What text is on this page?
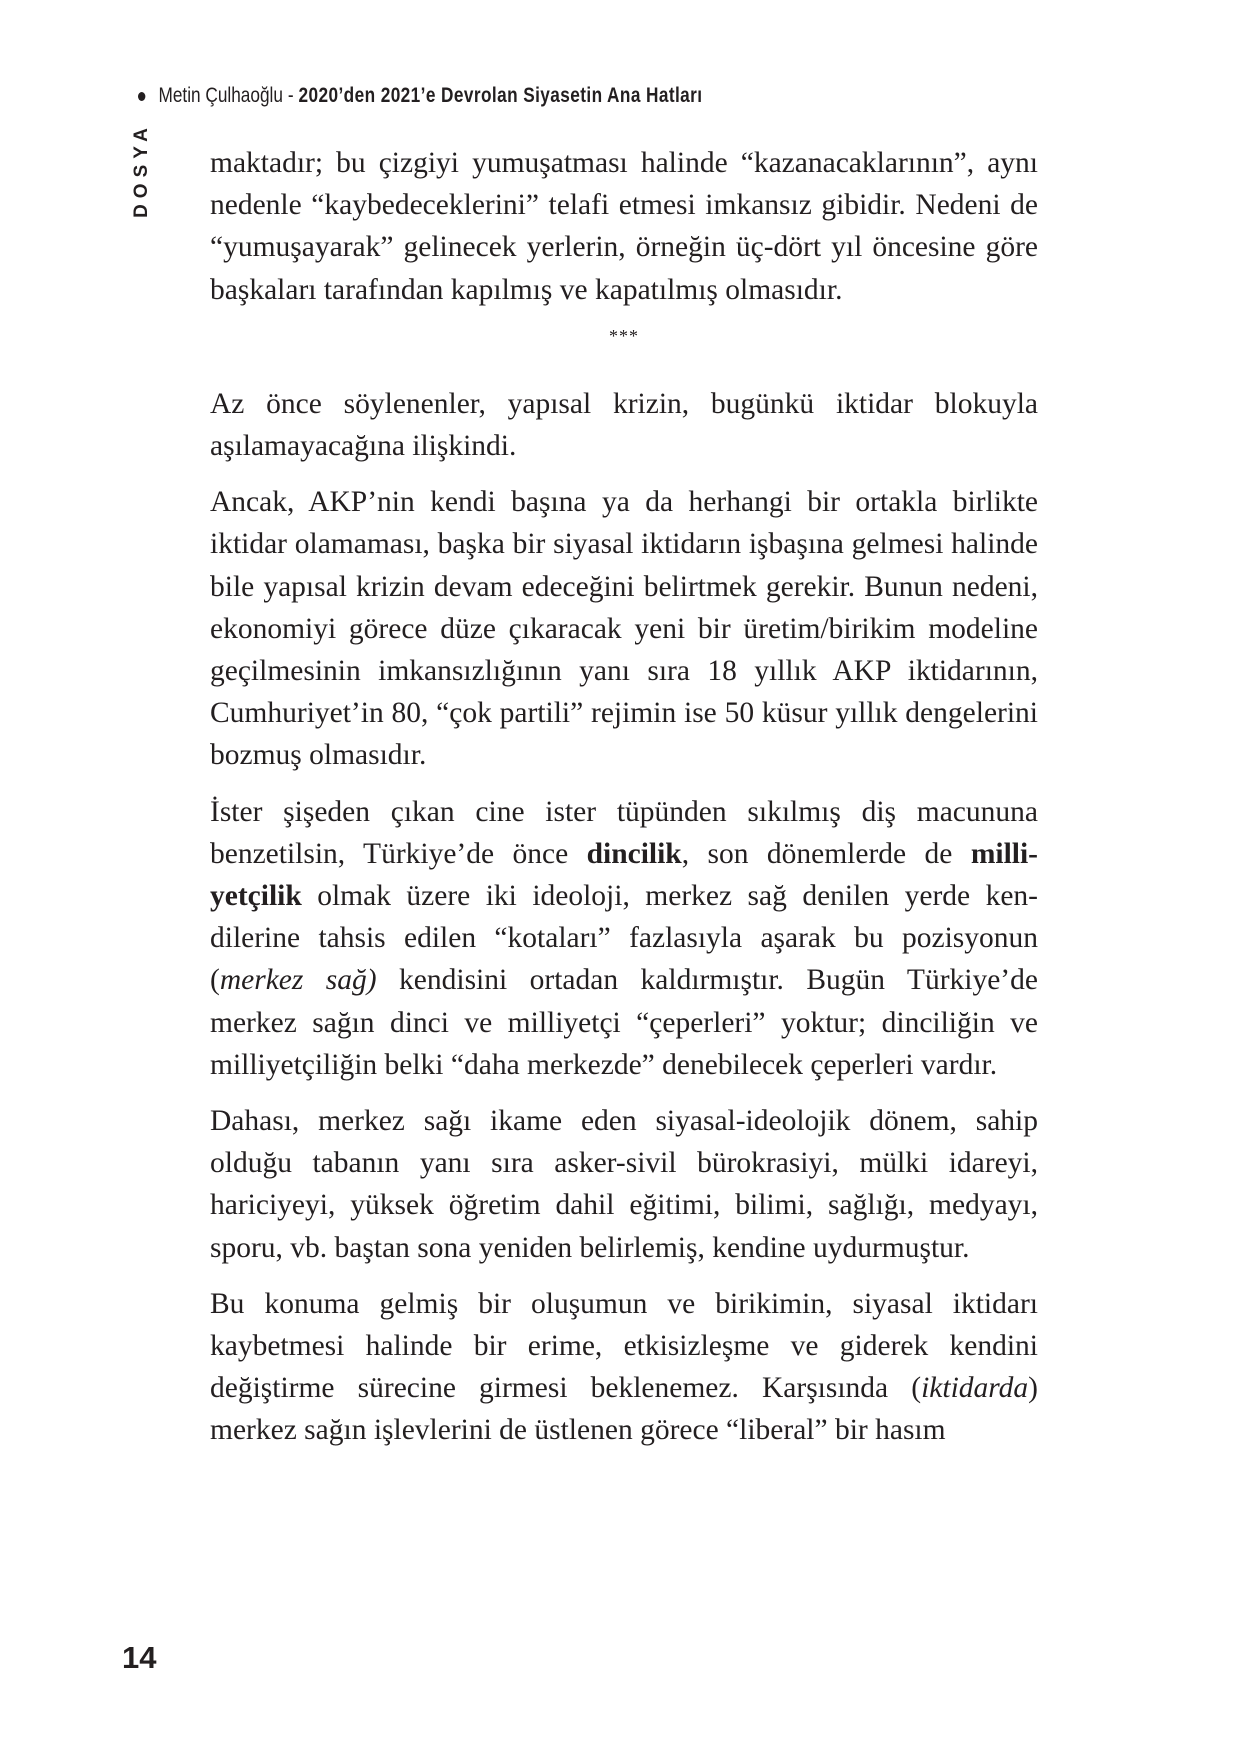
Metin Çulhaoğlu - 2020’den 2021’e Devrolan Siyasetin Ana Hatları
DOSYA maktadır; bu çizgiyi yumuşatması halinde “kazanacaklarının”, aynı nedenle “kaybedeceklerini” telafi etmesi imkansız gibidir. Nedeni de “yumuşayarak” gelinecek yerlerin, örneğin üç-dört yıl öncesine göre başkaları tarafından kapılmış ve kapatılmış olmasıdır.

***

Az önce söylenenler, yapısal krizin, bugünkü iktidar blokuyla aşılamayacağına ilişkindi.

Ancak, AKP’nin kendi başına ya da herhangi bir ortakla birlikte iktidar olamaması, başka bir siyasal iktidarın işbaşına gelmesi halinde bile yapısal krizin devam edeceğini belirtmek gerekir. Bunun nedeni, ekonomiyi görece düze çıkaracak yeni bir üretim/birikim modeline geçilmesinin imkansızlığının yanı sıra 18 yıllık AKP iktidarının, Cumhuriyet’in 80, “çok partili” rejimin ise 50 küsur yıllık dengelerini bozmuş olmasıdır.

İster şişeden çıkan cine ister tüpünden sıkılmış diş macununa benzetilsin, Türkiye’de önce dincilik, son dönemlerde de milliyetçilik olmak üzere iki ideoloji, merkez sağ denilen yerde kendilerine tahsis edilen “kotaları” fazlasıyla aşarak bu pozisyonun (merkez sağ) kendisini ortadan kaldırmıştır. Bugün Türkiye’de merkez sağın dinci ve milliyetçi “çeperleri” yoktur; dinciliğin ve milliyetçiliğin belki “daha merkezde” denebilecek çeperleri vardır.

Dahası, merkez sağı ikame eden siyasal-ideolojik dönem, sahip olduğu tabanın yanı sıra asker-sivil bürokrasiyi, mülki idareyi, hariciyeyi, yüksek öğretim dahil eğitimi, bilimi, sağlığı, medyayı, sporu, vb. baştan sona yeniden belirlemiş, kendine uydurmuştur.

Bu konuma gelmiş bir oluşumun ve birikimin, siyasal iktidarı kaybetmesi halinde bir erime, etkisizleşme ve giderek kendini değiştirme sürecine girmesi beklenemez. Karşısında (iktidarda) merkez sağın işlevlerini de üstlenen görece “liberal” bir hasım

14
